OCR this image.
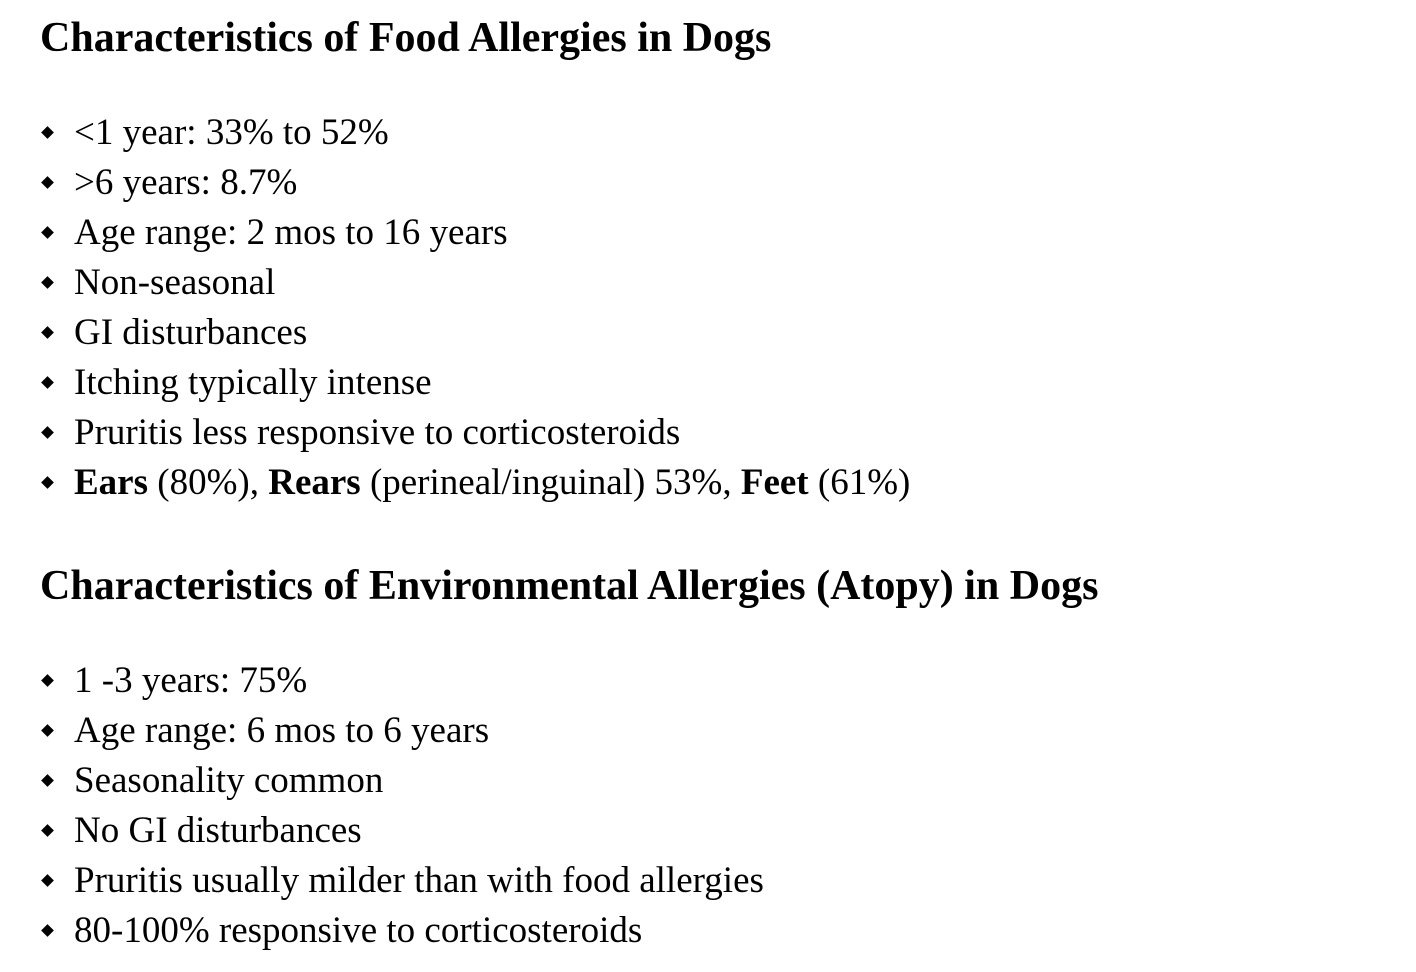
Characteristics of Food Allergies in Dogs
<1 year: 33% to 52%
>6 years: 8.7%
Age range: 2 mos to 16 years
Non-seasonal
GI disturbances
Itching typically intense
Pruritis less responsive to corticosteroids
Ears (80%), Rears (perineal/inguinal) 53%, Feet (61%)
Characteristics of Environmental Allergies (Atopy) in Dogs
1 -3 years: 75%
Age range: 6 mos to 6 years
Seasonality common
No GI disturbances
Pruritis usually milder than with food allergies
80-100% responsive to corticosteroids
